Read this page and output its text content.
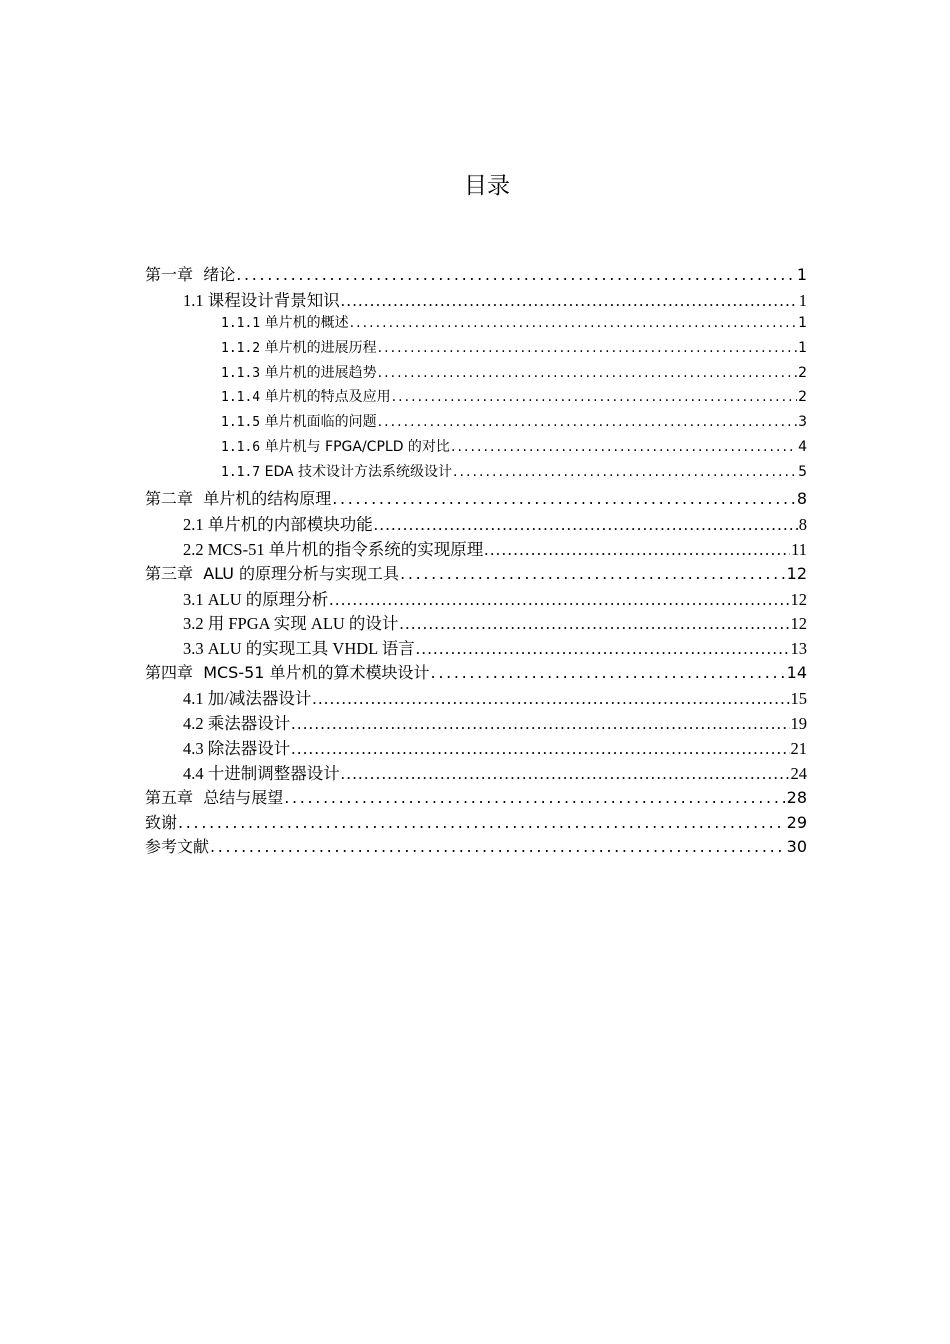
目录
第一章 绪论 . . .	1
1.1 课程设计背景知识 . . .	1
1.1.1 单片机的概述 . . .	1
1.1.2 单片机的进展历程 . . .	1
1.1.3 单片机的进展趋势 . . .	2
1.1.4 单片机的特点及应用 . . .	2
1.1.5 单片机面临的问题 . . .	3
1.1.6 单片机与 FPGA/CPLD 的对比 . . .	4
1.1.7 EDA 技术设计方法系统级设计 . . .	5
第二章 单片机的结构原理 . . .	8
2.1 单片机的内部模块功能 . . .	8
2.2 MCS-51 单片机的指令系统的实现原理 . . .	11
第三章 ALU 的原理分析与实现工具 . . .	12
3.1 ALU 的原理分析 . . .	12
3.2 用 FPGA 实现 ALU 的设计 . . .	12
3.3 ALU 的实现工具 VHDL 语言 . . .	13
第四章 MCS-51 单片机的算术模块设计 . . .	14
4.1 加/减法器设计 . . .	15
4.2 乘法器设计 . . .	19
4.3 除法器设计 . . .	21
4.4 十进制调整器设计 . . .	24
第五章 总结与展望 . . .	28
致谢 . . .	29
参考文献 . . .	30
